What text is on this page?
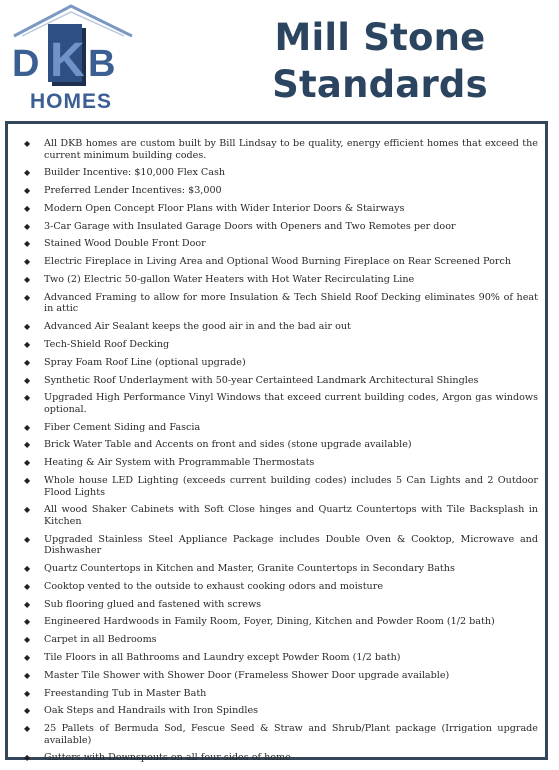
D K B
HOMES
Mill Stone
Standards
◆ All DKB homes are custom built by Bill Lindsay to be quality, energy efficient homes that exceed the current minimum building codes.
◆ Builder Incentive: $10,000 Flex Cash
◆ Preferred Lender Incentives: $3,000
◆ Modern Open Concept Floor Plans with Wider Interior Doors & Stairways
◆ 3-Car Garage with Insulated Garage Doors with Openers and Two Remotes per door
◆ Stained Wood Double Front Door
◆ Electric Fireplace in Living Area and Optional Wood Burning Fireplace on Rear Screened Porch
◆ Two (2) Electric 50-gallon Water Heaters with Hot Water Recirculating Line
◆ Advanced Framing to allow for more Insulation & Tech Shield Roof Decking eliminates 90% of heat in attic
◆ Advanced Air Sealant keeps the good air in and the bad air out
◆ Tech-Shield Roof Decking
◆ Spray Foam Roof Line (optional upgrade)
◆ Synthetic Roof Underlayment with 50-year Certainteed Landmark Architectural Shingles
◆ Upgraded High Performance Vinyl Windows that exceed current building codes, Argon gas windows optional.
◆ Fiber Cement Siding and Fascia
◆ Brick Water Table and Accents on front and sides (stone upgrade available)
◆ Heating & Air System with Programmable Thermostats
◆ Whole house LED Lighting (exceeds current building codes) includes 5 Can Lights and 2 Outdoor Flood Lights
◆ All wood Shaker Cabinets with Soft Close hinges and Quartz Countertops with Tile Backsplash in Kitchen
◆ Upgraded Stainless Steel Appliance Package includes Double Oven & Cooktop, Microwave and Dishwasher
◆ Quartz Countertops in Kitchen and Master, Granite Countertops in Secondary Baths
◆ Cooktop vented to the outside to exhaust cooking odors and moisture
◆ Sub flooring glued and fastened with screws
◆ Engineered Hardwoods in Family Room, Foyer, Dining, Kitchen and Powder Room (1/2 bath)
◆ Carpet in all Bedrooms
◆ Tile Floors in all Bathrooms and Laundry except Powder Room (1/2 bath)
◆ Master Tile Shower with Shower Door (Frameless Shower Door upgrade available)
◆ Freestanding Tub in Master Bath
◆ Oak Steps and Handrails with Iron Spindles
◆ 25 Pallets of Bermuda Sod, Fescue Seed & Straw and Shrub/Plant package (Irrigation upgrade available)
◆ Gutters with Downspouts on all four sides of home
